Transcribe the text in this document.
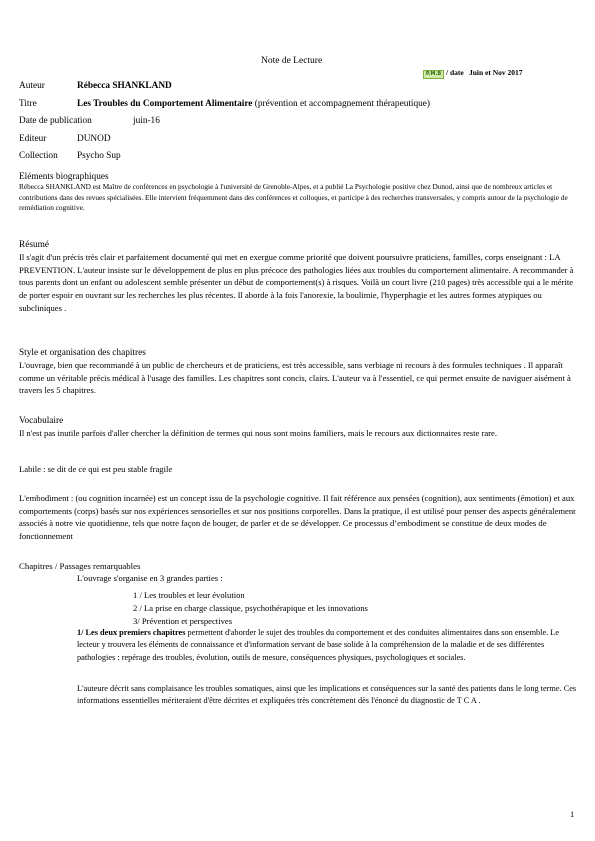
Note de Lecture
P.M.B / date Juin et Nov 2017
Auteur	Rébecca SHANKLAND
Titre	Les Troubles du Comportement Alimentaire (prévention et accompagnement thérapeutique)
Date de publication	juin-16
Editeur	DUNOD
Collection Psycho Sup
Eléments biographiques
Rébecca SHANKLAND est Maître de conférences en psychologie à l'université de Grenoble-Alpes, et a publié La Psychologie positive chez Dunod, ainsi que de nombreux articles et contributions dans des revues spécialisées. Elle intervient fréquemment dans des conférences et colloques, et participe à des recherches transversales, y compris autour de la psychologie de remédiation cognitive.
Résumé
Il s'agit d'un précis très clair et parfaitement documenté qui met en exergue comme priorité que doivent poursuivre praticiens, familles, corps enseignant : LA PREVENTION. L'auteur insiste sur le développement de plus en plus précoce des pathologies liées aux troubles du comportement alimentaire. A recommander à tous parents dont un enfant ou adolescent semble présenter un début de comportement(s) à risques. Voilà un court livre (210 pages) très accessible qui a le mérite de porter espoir en ouvrant sur les recherches les plus récentes. Il aborde à la fois l'anorexie, la boulimie, l'hyperphagie et les autres formes atypiques ou subcliniques .
Style et organisation des chapitres
L'ouvrage, bien que recommandé à un public de chercheurs et de praticiens, est très accessible, sans verbiage ni recours à des formules techniques . Il apparaît comme un véritable précis médical à l'usage des familles. Les chapitres sont concis, clairs. L'auteur va à l'essentiel, ce qui permet ensuite de naviguer aisément à travers les 5 chapitres.
Vocabulaire
Il n'est pas inutile parfois d'aller chercher la définition de termes qui nous sont moins familiers, mais le recours aux dictionnaires reste rare.
Labile : se dit de ce qui est peu stable fragile
L'embodiment : (ou cognition incarnée) est un concept issu de la psychologie cognitive. Il fait référence aux pensées (cognition), aux sentiments (émotion) et aux comportements (corps) basés sur nos expériences sensorielles et sur nos positions corporelles. Dans la pratique, il est utilisé pour penser des aspects généralement associés à notre vie quotidienne, tels que notre façon de bouger, de parler et de se développer. Ce processus d’embodiment se constitue de deux modes de fonctionnement
Chapitres / Passages remarquables
L'ouvrage s'organise en 3 grandes parties :
1 / Les troubles et leur évolution
2 / La prise en charge classique, psychothérapique et les innovations
3/ Prévention et perspectives
1/ Les deux premiers chapitres permettent d'aborder le sujet des troubles du comportement et des conduites alimentaires dans son ensemble. Le lecteur y trouvera les éléments de connaissance et d'information servant de base solide à la compréhension de la maladie et de ses différentes pathologies : repérage des troubles, évolution, outils de mesure, conséquences physiques, psychologiques et sociales.
L'auteure décrit sans complaisance les troubles somatiques, ainsi que les implications et conséquences sur la santé des patients dans le long terme. Ces informations essentielles mériteraient d'être décrites et expliquées très concrètement dès l'énoncé du diagnostic de T C A .
1
